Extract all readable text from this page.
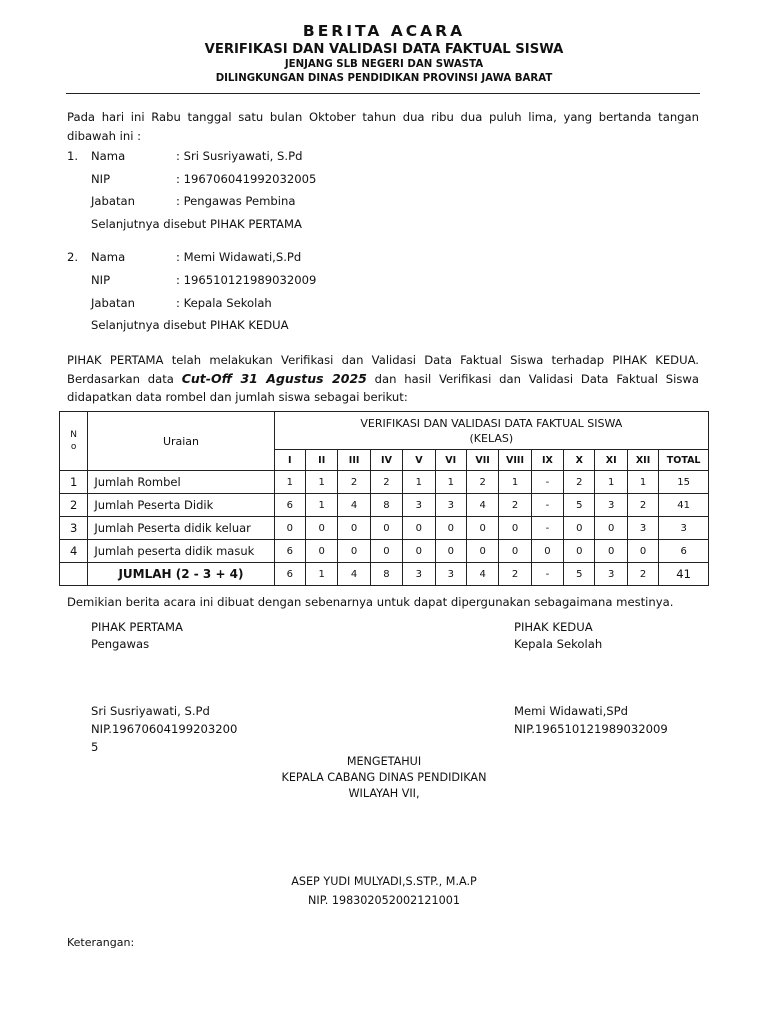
BERITA ACARA
VERIFIKASI DAN VALIDASI DATA FAKTUAL SISWA
JENJANG SLB NEGERI DAN SWASTA
DILINGKUNGAN DINAS PENDIDIKAN PROVINSI JAWA BARAT
Pada hari ini Rabu tanggal satu bulan Oktober tahun dua ribu dua puluh lima, yang bertanda tangan
dibawah ini :
1. Nama	: Sri Susriyawati, S.Pd
NIP	: 196706041992032005
Jabatan	: Pengawas Pembina
Selanjutnya disebut PIHAK PERTAMA
2. Nama	: Memi Widawati,S.Pd
NIP	: 196510121989032009
Jabatan	: Kepala Sekolah
Selanjutnya disebut PIHAK KEDUA
PIHAK PERTAMA telah melakukan Verifikasi dan Validasi Data Faktual Siswa terhadap PIHAK KEDUA.
Berdasarkan data Cut-Off 31 Agustus 2025 dan hasil Verifikasi dan Validasi Data Faktual Siswa
didapatkan data rombel dan jumlah siswa sebagai berikut:
N
o	Uraian	VERIFIKASI DAN VALIDASI DATA FAKTUAL SISWA
(KELAS)												
		I	II	III	IV	V	VI	VII	VIII	IX	X	XI	XII	TOTAL
1	Jumlah Rombel	1	1	2	2	1	1	2	1	-	2	1	1	15
2	Jumlah Peserta Didik	6	1	4	8	3	3	4	2	-	5	3	2	41
3	Jumlah Peserta didik keluar	0	0	0	0	0	0	0	0	-	0	0	3	3
4	Jumlah peserta didik masuk	6	0	0	0	0	0	0	0	0	0	0	0	6
	JUMLAH (2 - 3 + 4)	6	1	4	8	3	3	4	2	-	5	3	2	41
Demikian berita acara ini dibuat dengan sebenarnya untuk dapat dipergunakan sebagaimana mestinya.
PIHAK PERTAMA
Pengawas
Sri Susriyawati, S.Pd
NIP.19670604199203200
5
PIHAK KEDUA
Kepala Sekolah
Memi Widawati,SPd
NIP.196510121989032009
MENGETAHUI
KEPALA CABANG DINAS PENDIDIKAN
WILAYAH VII,
ASEP YUDI MULYADI,S.STP., M.A.P
NIP. 198302052002121001
Keterangan:
